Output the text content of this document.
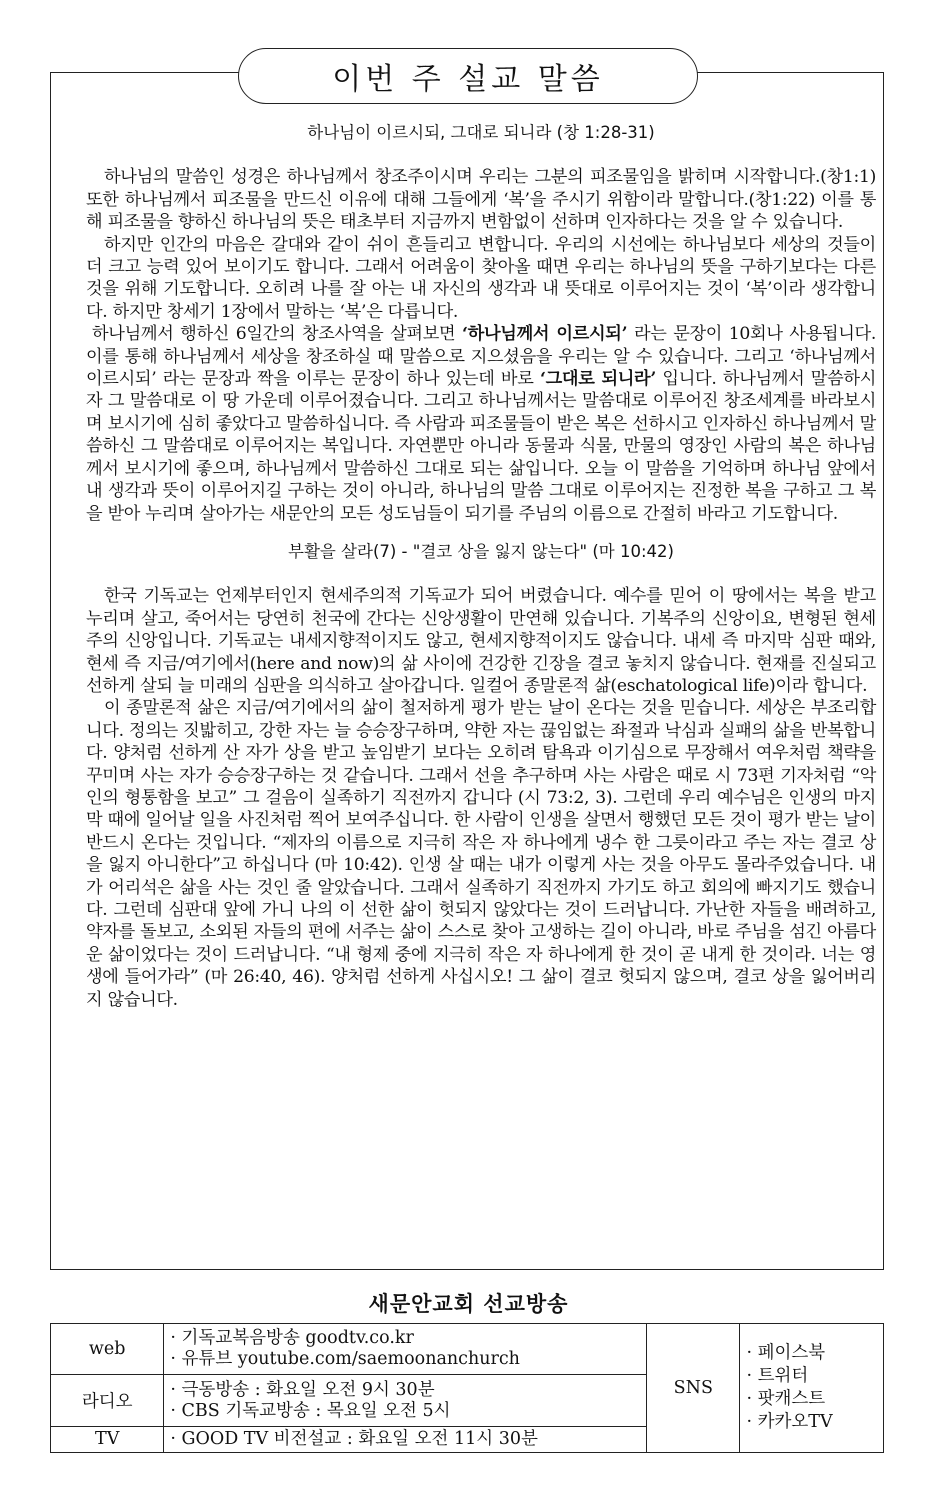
이번 주 설교 말씀
하나님이 이르시되, 그대로 되니라 (창 1:28-31)

하나님의 말씀인 성경은 하나님께서 창조주이시며 우리는 그분의 피조물임을 밝히며 시작합니다.(창1:1) 또한 하나님께서 피조물을 만드신 이유에 대해 그들에게 ‘복’을 주시기 위함이라 말합니다.(창1:22) 이를 통해 피조물을 향하신 하나님의 뜻은 태초부터 지금까지 변함없이 선하며 인자하다는 것을 알 수 있습니다.

하지만 인간의 마음은 갈대와 같이 쉬이 흔들리고 변합니다. 우리의 시선에는 하나님보다 세상의 것들이 더 크고 능력 있어 보이기도 합니다. 그래서 어려움이 찾아올 때면 우리는 하나님의 뜻을 구하기보다는 다른 것을 위해 기도합니다. 오히려 나를 잘 아는 내 자신의 생각과 내 뜻대로 이루어지는 것이 ‘복’이라 생각합니다. 하지만 창세기 1장에서 말하는 ‘복’은 다릅니다.

하나님께서 행하신 6일간의 창조사역을 살펴보면 ‘하나님께서 이르시되’ 라는 문장이 10회나 사용됩니다. 이를 통해 하나님께서 세상을 창조하실 때 말씀으로 지으셨음을 우리는 알 수 있습니다. 그리고 ‘하나님께서 이르시되’ 라는 문장과 짝을 이루는 문장이 하나 있는데 바로 ‘그대로 되니라’ 입니다. 하나님께서 말씀하시자 그 말씀대로 이 땅 가운데 이루어졌습니다. 그리고 하나님께서는 말씀대로 이루어진 창조세계를 바라보시며 보시기에 심히 좋았다고 말씀하십니다. 즉 사람과 피조물들이 받은 복은 선하시고 인자하신 하나님께서 말씀하신 그 말씀대로 이루어지는 복입니다. 자연뿐만 아니라 동물과 식물, 만물의 영장인 사람의 복은 하나님께서 보시기에 좋으며, 하나님께서 말씀하신 그대로 되는 삶입니다. 오늘 이 말씀을 기억하며 하나님 앞에서 내 생각과 뜻이 이루어지길 구하는 것이 아니라, 하나님의 말씀 그대로 이루어지는 진정한 복을 구하고 그 복을 받아 누리며 살아가는 새문안의 모든 성도님들이 되기를 주님의 이름으로 간절히 바라고 기도합니다.

부활을 살라(7) - "결코 상을 잃지 않는다" (마 10:42)

한국 기독교는 언제부터인지 현세주의적 기독교가 되어 버렸습니다. 예수를 믿어 이 땅에서는 복을 받고 누리며 살고, 죽어서는 당연히 천국에 간다는 신앙생활이 만연해 있습니다. 기복주의 신앙이요, 변형된 현세주의 신앙입니다. 기독교는 내세지향적이지도 않고, 현세지향적이지도 않습니다. 내세 즉 마지막 심판 때와, 현세 즉 지금/여기에서(here and now)의 삶 사이에 건강한 긴장을 결코 놓치지 않습니다. 현재를 진실되고 선하게 살되 늘 미래의 심판을 의식하고 살아갑니다. 일컬어 종말론적 삶(eschatological life)이라 합니다.

이 종말론적 삶은 지금/여기에서의 삶이 철저하게 평가 받는 날이 온다는 것을 믿습니다. 세상은 부조리합니다. 정의는 짓밟히고, 강한 자는 늘 승승장구하며, 약한 자는 끊임없는 좌절과 낙심과 실패의 삶을 반복합니다. 양처럼 선하게 산 자가 상을 받고 높임받기 보다는 오히려 탐욕과 이기심으로 무장해서 여우처럼 책략을 꾸미며 사는 자가 승승장구하는 것 같습니다. 그래서 선을 추구하며 사는 사람은 때로 시 73편 기자처럼 “악인의 형통함을 보고” 그 걸음이 실족하기 직전까지 갑니다 (시 73:2, 3). 그런데 우리 예수님은 인생의 마지막 때에 일어날 일을 사진처럼 찍어 보여주십니다. 한 사람이 인생을 살면서 행했던 모든 것이 평가 받는 날이 반드시 온다는 것입니다. “제자의 이름으로 지극히 작은 자 하나에게 냉수 한 그릇이라고 주는 자는 결코 상을 잃지 아니한다”고 하십니다 (마 10:42). 인생 살 때는 내가 이렇게 사는 것을 아무도 몰라주었습니다. 내가 어리석은 삶을 사는 것인 줄 알았습니다. 그래서 실족하기 직전까지 가기도 하고 회의에 빠지기도 했습니다. 그런데 심판대 앞에 가니 나의 이 선한 삶이 헛되지 않았다는 것이 드러납니다. 가난한 자들을 배려하고, 약자를 돌보고, 소외된 자들의 편에 서주는 삶이 스스로 찾아 고생하는 길이 아니라, 바로 주님을 섬긴 아름다운 삶이었다는 것이 드러납니다. “내 형제 중에 지극히 작은 자 하나에게 한 것이 곧 내게 한 것이라. 너는 영생에 들어가라” (마 26:40, 46). 양처럼 선하게 사십시오! 그 삶이 결코 헛되지 않으며, 결코 상을 잃어버리지 않습니다.

새문안교회 선교방송
web	· 기독교복음방송 goodtv.co.kr
· 유튜브 youtube.com/saemoonanchurch	SNS	· 페이스북
· 트위터
· 팟캐스트
· 카카오TV

라디오	· 극동방송 : 화요일 오전 9시 30분
· CBS 기독교방송 : 목요일 오전 5시		

TV	· GOOD TV 비전설교 : 화요일 오전 11시 30분		
